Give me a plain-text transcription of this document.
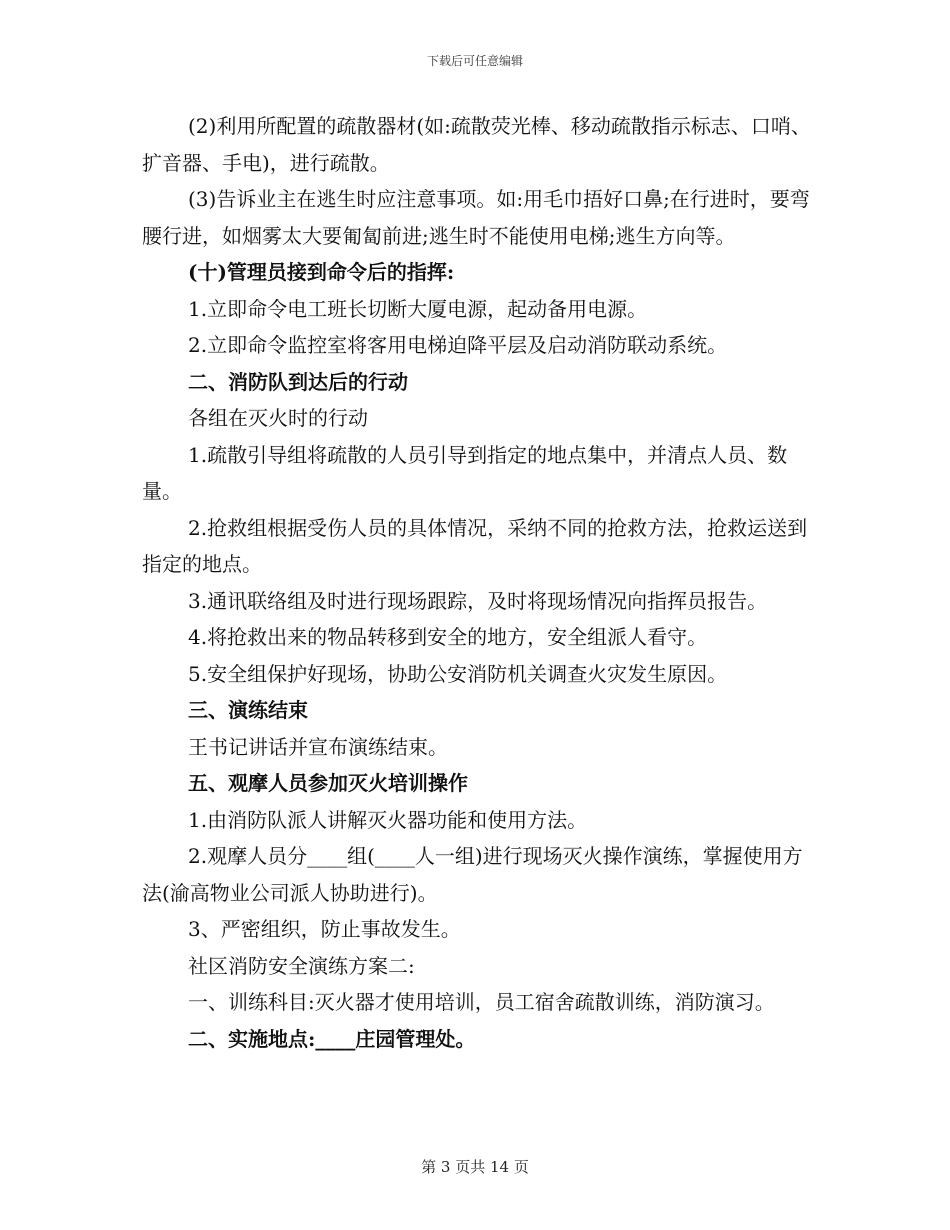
下载后可任意编辑

(2)利用所配置的疏散器材(如:疏散荧光棒、移动疏散指示标志、口哨、扩音器、手电)，进行疏散。

(3)告诉业主在逃生时应注意事项。如:用毛巾捂好口鼻;在行进时，要弯腰行进，如烟雾太大要匍匐前进;逃生时不能使用电梯;逃生方向等。

(十)管理员接到命令后的指挥:

1.立即命令电工班长切断大厦电源，起动备用电源。

2.立即命令监控室将客用电梯迫降平层及启动消防联动系统。

二、消防队到达后的行动

各组在灭火时的行动

1.疏散引导组将疏散的人员引导到指定的地点集中，并清点人员、数量。

2.抢救组根据受伤人员的具体情况，采纳不同的抢救方法，抢救运送到指定的地点。

3.通讯联络组及时进行现场跟踪，及时将现场情况向指挥员报告。

4.将抢救出来的物品转移到安全的地方，安全组派人看守。

5.安全组保护好现场，协助公安消防机关调查火灾发生原因。

三、演练结束

王书记讲话并宣布演练结束。

五、观摩人员参加灭火培训操作

1.由消防队派人讲解灭火器功能和使用方法。

2.观摩人员分____组(____人一组)进行现场灭火操作演练，掌握使用方法(渝高物业公司派人协助进行)。

3、严密组织，防止事故发生。

社区消防安全演练方案二:

一、训练科目:灭火器才使用培训，员工宿舍疏散训练，消防演习。

二、实施地点:____庄园管理处。

第 3 页共 14 页
